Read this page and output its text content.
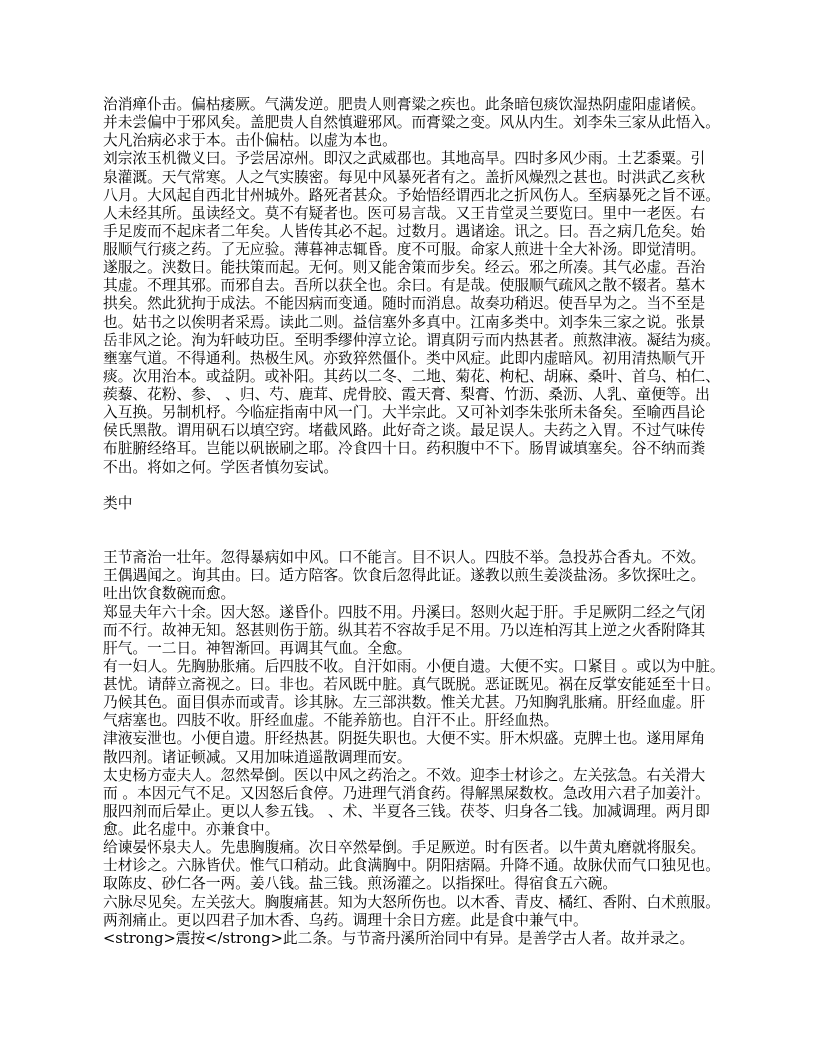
治消瘅仆击。偏枯痿厥。气满发逆。肥贵人则膏粱之疾也。此条暗包痰饮湿热阴虚阳虚诸候。
并未尝偏中于邪风矣。盖肥贵人自然慎避邪风。而膏粱之变。风从内生。刘李朱三家从此悟入。
大凡治病必求于本。击仆偏枯。以虚为本也。
刘宗浓玉机微义曰。予尝居凉州。即汉之武威郡也。其地高旱。四时多风少雨。土艺黍粟。引
泉灌溉。天气常寒。人之气实腠密。每见中风暴死者有之。盖折风燥烈之甚也。时洪武乙亥秋
八月。大风起自西北甘州城外。路死者甚众。予始悟经谓西北之折风伤人。至病暴死之旨不诬。
人未经其所。虽读经文。莫不有疑者也。医可易言哉。又王肯堂灵兰要览曰。里中一老医。右
手足废而不起床者二年矣。人皆传其必不起。过数月。遇诸途。讯之。曰。吾之病几危矣。始
服顺气行痰之药。了无应验。薄暮神志辄昏。度不可服。命家人煎进十全大补汤。即觉清明。
遂服之。浃数日。能扶策而起。无何。则又能舍策而步矣。经云。邪之所凑。其气必虚。吾治
其虚。不理其邪。而邪自去。吾所以获全也。余曰。有是哉。使服顺气疏风之散不辍者。墓木
拱矣。然此犹拘于成法。不能因病而变通。随时而消息。故奏功稍迟。使吾早为之。当不至是
也。姑书之以俟明者采焉。读此二则。益信塞外多真中。江南多类中。刘李朱三家之说。张景
岳非风之论。洵为轩岐功臣。至明季缪仲淳立论。谓真阴亏而内热甚者。煎熬津液。凝结为痰。
壅塞气道。不得通利。热极生风。亦致猝然僵仆。类中风症。此即内虚暗风。初用清热顺气开
痰。次用治本。或益阴。或补阳。其药以二冬、二地、菊花、枸杞、胡麻、桑叶、首乌、柏仁、
蒺藜、花粉、参、 、归、芍、鹿茸、虎骨胶、霞天膏、梨膏、竹沥、桑沥、人乳、童便等。出
入互换。另制机杼。今临症指南中风一门。大半宗此。又可补刘李朱张所未备矣。至喻西昌论
侯氏黑散。谓用矾石以填空窍。堵截风路。此好奇之谈。最足误人。夫药之入胃。不过气味传
布脏腑经络耳。岂能以矾嵌刷之耶。冷食四十日。药积腹中不下。肠胃诚填塞矣。谷不纳而粪
不出。将如之何。学医者慎勿妄试。
类中
王节斋治一壮年。忽得暴病如中风。口不能言。目不识人。四肢不举。急投苏合香丸。不效。
王偶遇闻之。询其由。曰。适方陪客。饮食后忽得此证。遂教以煎生姜淡盐汤。多饮探吐之。
吐出饮食数碗而愈。
郑显夫年六十余。因大怒。遂昏仆。四肢不用。丹溪曰。怒则火起于肝。手足厥阴二经之气闭
而不行。故神无知。怒甚则伤于筋。纵其若不容故手足不用。乃以连柏泻其上逆之火香附降其
肝气。一二日。神智渐回。再调其气血。全愈。
有一妇人。先胸胁胀痛。后四肢不收。自汗如雨。小便自遗。大便不实。口紧目 。或以为中脏。
甚忧。请薛立斋视之。曰。非也。若风既中脏。真气既脱。恶证既见。祸在反掌安能延至十日。
乃候其色。面目俱赤而或青。诊其脉。左三部洪数。惟关尤甚。乃知胸乳胀痛。肝经血虚。肝
气痞塞也。四肢不收。肝经血虚。不能养筋也。自汗不止。肝经血热。
津液妄泄也。小便自遗。肝经热甚。阴挺失职也。大便不实。肝木炽盛。克脾土也。遂用犀角
散四剂。诸证顿减。又用加味逍遥散调理而安。
太史杨方壶夫人。忽然晕倒。医以中风之药治之。不效。迎李士材诊之。左关弦急。右关滑大
而 。本因元气不足。又因怒后食停。乃进理气消食药。得解黑屎数枚。急改用六君子加姜汁。
服四剂而后晕止。更以人参五钱。 、术、半夏各三钱。茯苓、归身各二钱。加减调理。两月即
愈。此名虚中。亦兼食中。
给谏晏怀泉夫人。先患胸腹痛。次日卒然晕倒。手足厥逆。时有医者。以牛黄丸磨就将服矣。
士材诊之。六脉皆伏。惟气口稍动。此食满胸中。阴阳痞隔。升降不通。故脉伏而气口独见也。
取陈皮、砂仁各一两。姜八钱。盐三钱。煎汤灌之。以指探吐。得宿食五六碗。
六脉尽见矣。左关弦大。胸腹痛甚。知为大怒所伤也。以木香、青皮、橘红、香附、白术煎服。
两剂痛止。更以四君子加木香、乌药。调理十余日方瘥。此是食中兼气中。
<strong>震按</strong>此二条。与节斋丹溪所治同中有异。是善学古人者。故并录之。
